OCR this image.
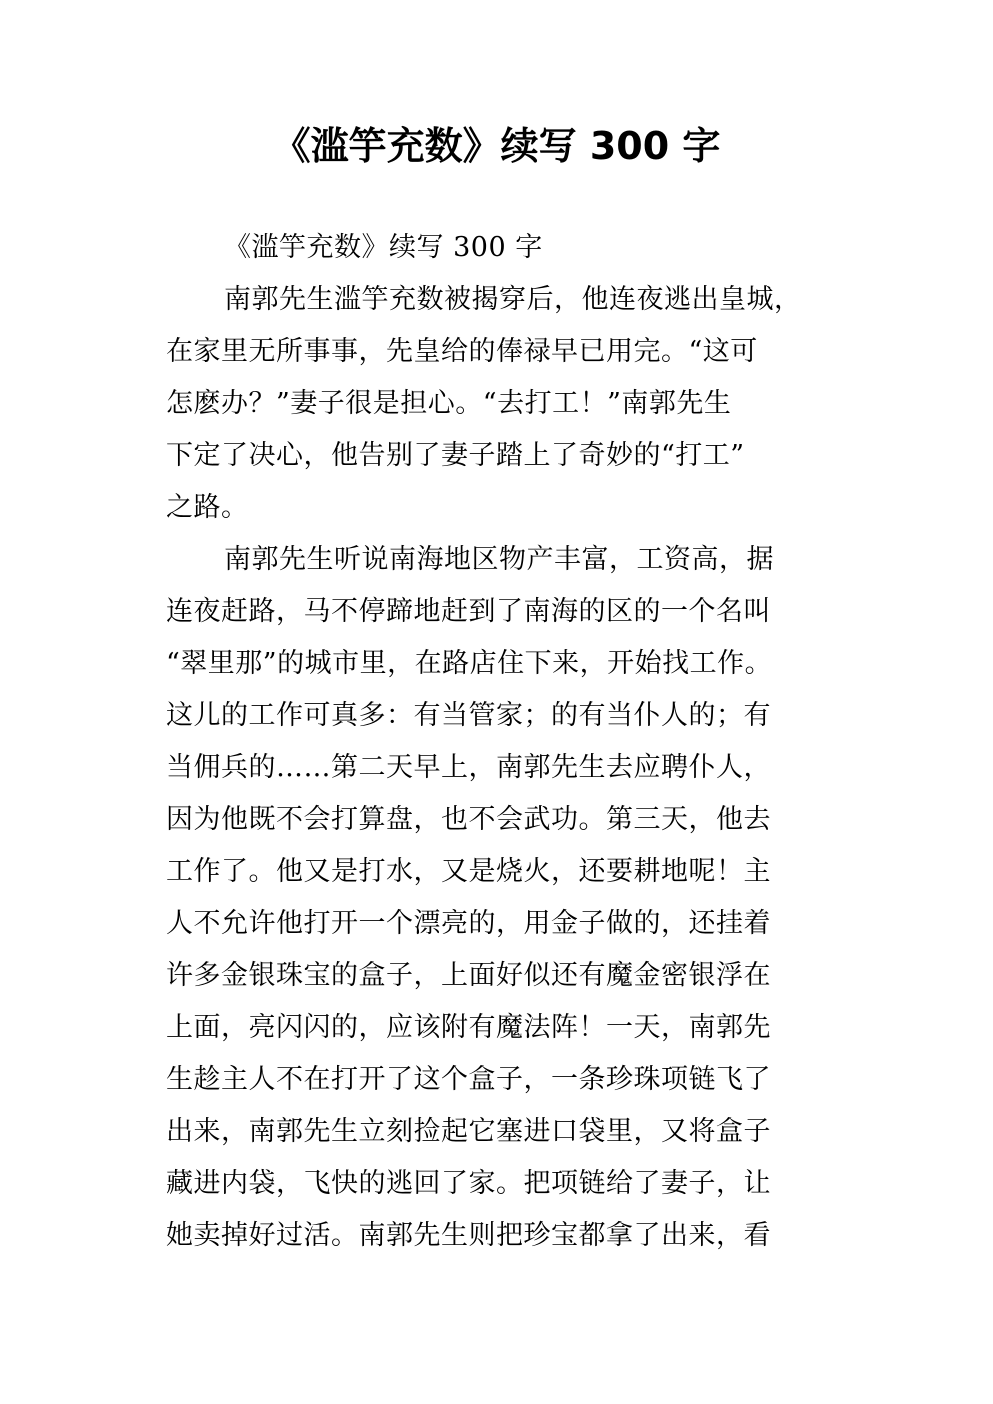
《滥竽充数》续写 300 字
《滥竽充数》续写 300 字
南郭先生滥竽充数被揭穿后，他连夜逃出皇城，
在家里无所事事，先皇给的俸禄早已用完。“这可
怎麽办？”妻子很是担心。“去打工！”南郭先生
下定了决心，他告别了妻子踏上了奇妙的“打工”
之路。
南郭先生听说南海地区物产丰富，工资高，据
连夜赶路，马不停蹄地赶到了南海的区的一个名叫
“翠里那”的城市里，在路店住下来，开始找工作。
这儿的工作可真多：有当管家；的有当仆人的；有
当佣兵的……第二天早上，南郭先生去应聘仆人，
因为他既不会打算盘，也不会武功。第三天，他去
工作了。他又是打水，又是烧火，还要耕地呢！主
人不允许他打开一个漂亮的，用金子做的，还挂着
许多金银珠宝的盒子，上面好似还有魔金密银浮在
上面，亮闪闪的，应该附有魔法阵！一天，南郭先
生趁主人不在打开了这个盒子，一条珍珠项链飞了
出来，南郭先生立刻捡起它塞进口袋里，又将盒子
藏进内袋，飞快的逃回了家。把项链给了妻子，让
她卖掉好过活。南郭先生则把珍宝都拿了出来，看
